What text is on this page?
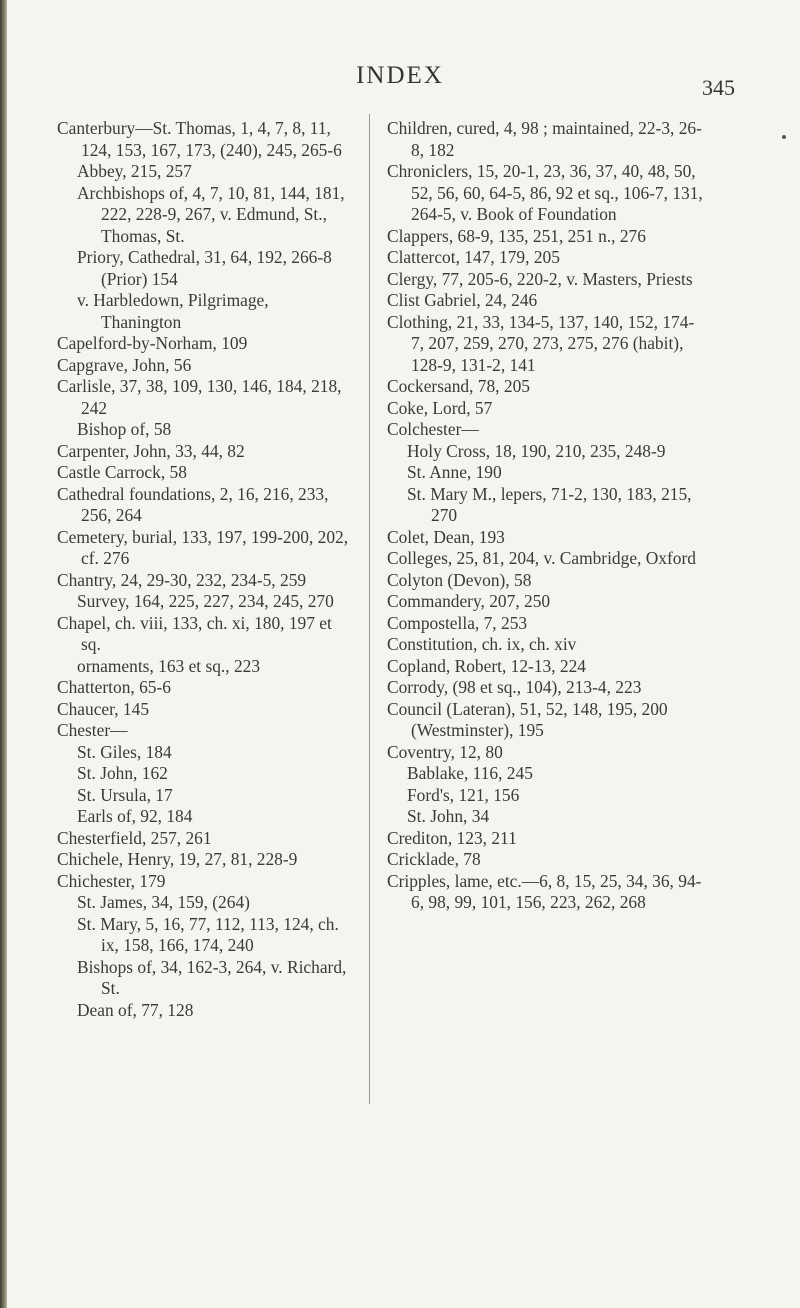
INDEX	345
Canterbury—St. Thomas, 1, 4, 7, 8, 11, 124, 153, 167, 173, (240), 245, 265-6
Abbey, 215, 257
Archbishops of, 4, 7, 10, 81, 144, 181, 222, 228-9, 267, v. Edmund, St., Thomas, St.
Priory, Cathedral, 31, 64, 192, 266-8 (Prior) 154
v. Harbledown, Pilgrimage, Thanington
Capelford-by-Norham, 109
Capgrave, John, 56
Carlisle, 37, 38, 109, 130, 146, 184, 218, 242
Bishop of, 58
Carpenter, John, 33, 44, 82
Castle Carrock, 58
Cathedral foundations, 2, 16, 216, 233, 256, 264
Cemetery, burial, 133, 197, 199-200, 202, cf. 276
Chantry, 24, 29-30, 232, 234-5, 259
Survey, 164, 225, 227, 234, 245, 270
Chapel, ch. viii, 133, ch. xi, 180, 197 et sq.
ornaments, 163 et sq., 223
Chatterton, 65-6
Chaucer, 145
Chester—
St. Giles, 184
St. John, 162
St. Ursula, 17
Earls of, 92, 184
Chesterfield, 257, 261
Chichele, Henry, 19, 27, 81, 228-9
Chichester, 179
St. James, 34, 159, (264)
St. Mary, 5, 16, 77, 112, 113, 124, ch. ix, 158, 166, 174, 240
Bishops of, 34, 162-3, 264, v. Richard, St.
Dean of, 77, 128
Children, cured, 4, 98 ; maintained, 22-3, 26-8, 182
Chroniclers, 15, 20-1, 23, 36, 37, 40, 48, 50, 52, 56, 60, 64-5, 86, 92 et sq., 106-7, 131, 264-5, v. Book of Foundation
Clappers, 68-9, 135, 251, 251 n., 276
Clattercot, 147, 179, 205
Clergy, 77, 205-6, 220-2, v. Masters, Priests
Clist Gabriel, 24, 246
Clothing, 21, 33, 134-5, 137, 140, 152, 174-7, 207, 259, 270, 273, 275, 276 (habit), 128-9, 131-2, 141
Cockersand, 78, 205
Coke, Lord, 57
Colchester—
Holy Cross, 18, 190, 210, 235, 248-9
St. Anne, 190
St. Mary M., lepers, 71-2, 130, 183, 215, 270
Colet, Dean, 193
Colleges, 25, 81, 204, v. Cambridge, Oxford
Colyton (Devon), 58
Commandery, 207, 250
Compostella, 7, 253
Constitution, ch. ix, ch. xiv
Copland, Robert, 12-13, 224
Corrody, (98 et sq., 104), 213-4, 223
Council (Lateran), 51, 52, 148, 195, 200 (Westminster), 195
Coventry, 12, 80
Bablake, 116, 245
Ford's, 121, 156
St. John, 34
Crediton, 123, 211
Cricklade, 78
Cripples, lame, etc.—6, 8, 15, 25, 34, 36, 94-6, 98, 99, 101, 156, 223, 262, 268
